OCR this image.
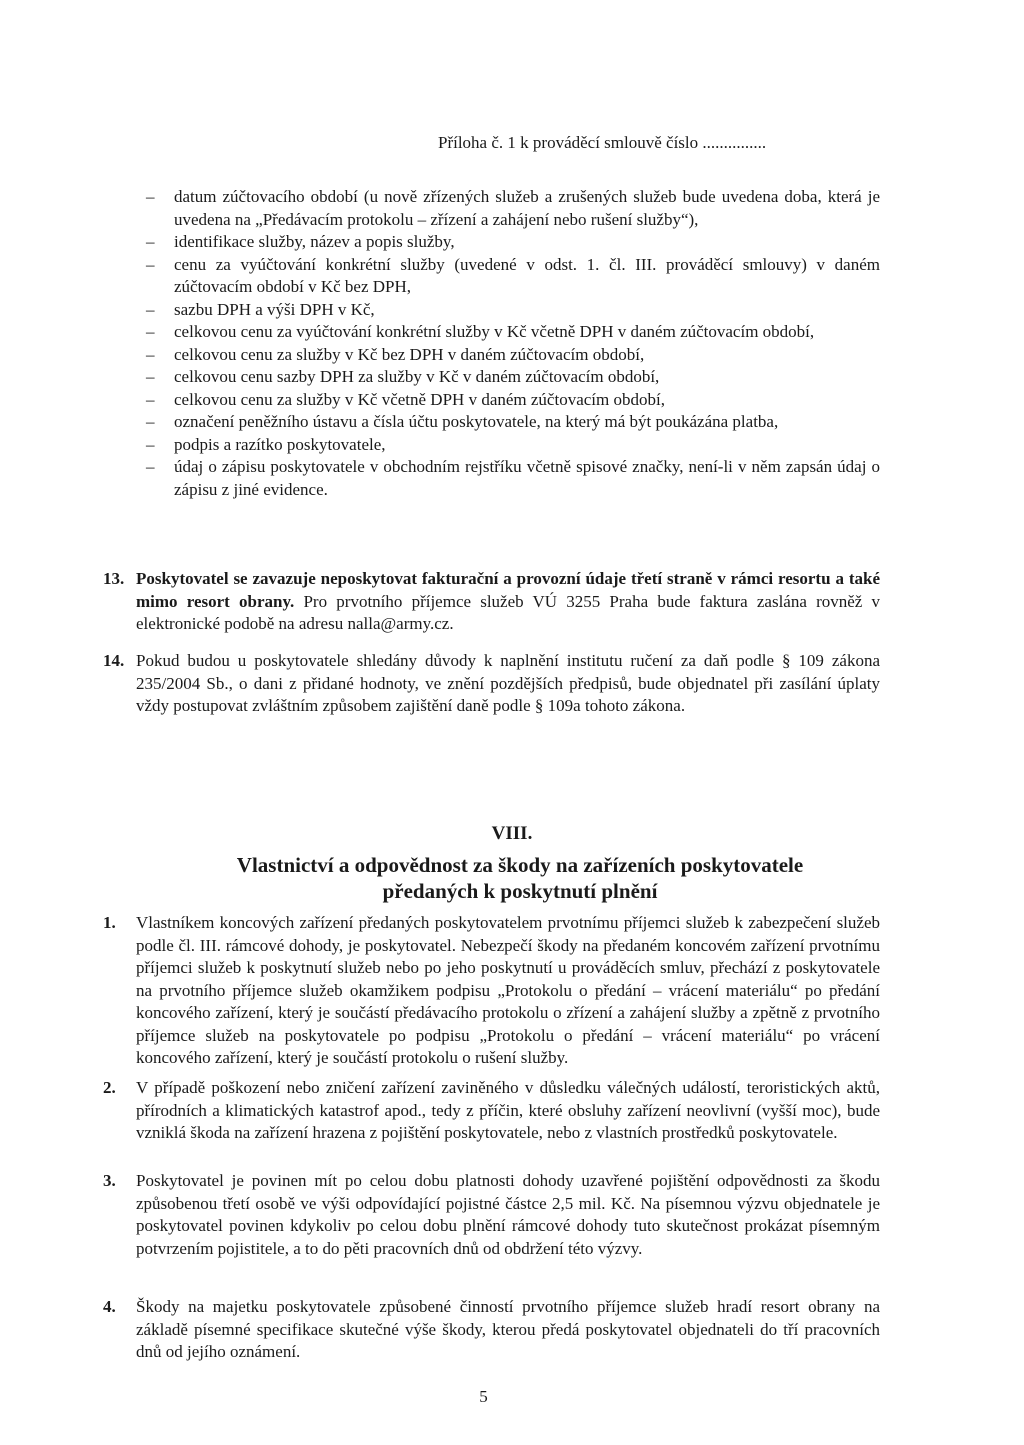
Příloha č. 1 k prováděcí smlouvě číslo ...............
– datum zúčtovacího období (u nově zřízených služeb a zrušených služeb bude uvedena doba, která je uvedena na „Předávacím protokolu – zřízení a zahájení nebo rušení služby“),
– identifikace služby, název a popis služby,
– cenu za vyúčtování konkrétní služby (uvedené v odst. 1. čl. III. prováděcí smlouvy) v daném zúčtovacím období v Kč bez DPH,
– sazbu DPH a výši DPH v Kč,
– celkovou cenu za vyúčtování konkrétní služby v Kč včetně DPH v daném zúčtovacím období,
– celkovou cenu za služby v Kč bez DPH v daném zúčtovacím období,
– celkovou cenu sazby DPH za služby v Kč v daném zúčtovacím období,
– celkovou cenu za služby v Kč včetně DPH v daném zúčtovacím období,
– označení peněžního ústavu a čísla účtu poskytovatele, na který má být poukázána platba,
– podpis a razítko poskytovatele,
– údaj o zápisu poskytovatele v obchodním rejstříku včetně spisové značky, není-li v něm zapsán údaj o zápisu z jiné evidence.
13. Poskytovatel se zavazuje neposkytovat fakturační a provozní údaje třetí straně v rámci resortu a také mimo resort obrany. Pro prvotního příjemce služeb VÚ 3255 Praha bude faktura zaslána rovněž v elektronické podobě na adresu nalla@army.cz.
14. Pokud budou u poskytovatele shledány důvody k naplnění institutu ručení za daň podle § 109 zákona 235/2004 Sb., o dani z přidané hodnoty, ve znění pozdějších předpisů, bude objednatel při zasílání úplaty vždy postupovat zvláštním způsobem zajištění daně podle § 109a tohoto zákona.
VIII.
Vlastnictví a odpovědnost za škody na zařízeních poskytovatele
předaných k poskytnutí plnění
1. Vlastníkem koncových zařízení předaných poskytovatelem prvotnímu příjemci služeb k zabezpečení služeb podle čl. III. rámcové dohody, je poskytovatel. Nebezpečí škody na předaném koncovém zařízení prvotnímu příjemci služeb k poskytnutí služeb nebo po jeho poskytnutí u prováděcích smluv, přechází z poskytovatele na prvotního příjemce služeb okamžikem podpisu „Protokolu o předání – vrácení materiálu“ po předání koncového zařízení, který je součástí předávacího protokolu o zřízení a zahájení služby a zpětně z prvotního příjemce služeb na poskytovatele po podpisu „Protokolu o předání – vrácení materiálu“ po vrácení koncového zařízení, který je součástí protokolu o rušení služby.
2. V případě poškození nebo zničení zařízení zaviněného v důsledku válečných událostí, teroristických aktů, přírodních a klimatických katastrof apod., tedy z příčin, které obsluhy zařízení neovlivní (vyšší moc), bude vzniklá škoda na zařízení hrazena z pojištění poskytovatele, nebo z vlastních prostředků poskytovatele.
3. Poskytovatel je povinen mít po celou dobu platnosti dohody uzavřené pojištění odpovědnosti za škodu způsobenou třetí osobě ve výši odpovídající pojistné částce 2,5 mil. Kč. Na písemnou výzvu objednatele je poskytovatel povinen kdykoliv po celou dobu plnění rámcové dohody tuto skutečnost prokázat písemným potvrzením pojistitele, a to do pěti pracovních dnů od obdržení této výzvy.
4. Škody na majetku poskytovatele způsobené činností prvotního příjemce služeb hradí resort obrany na základě písemné specifikace skutečné výše škody, kterou předá poskytovatel objednateli do tří pracovních dnů od jejího oznámení.
5
